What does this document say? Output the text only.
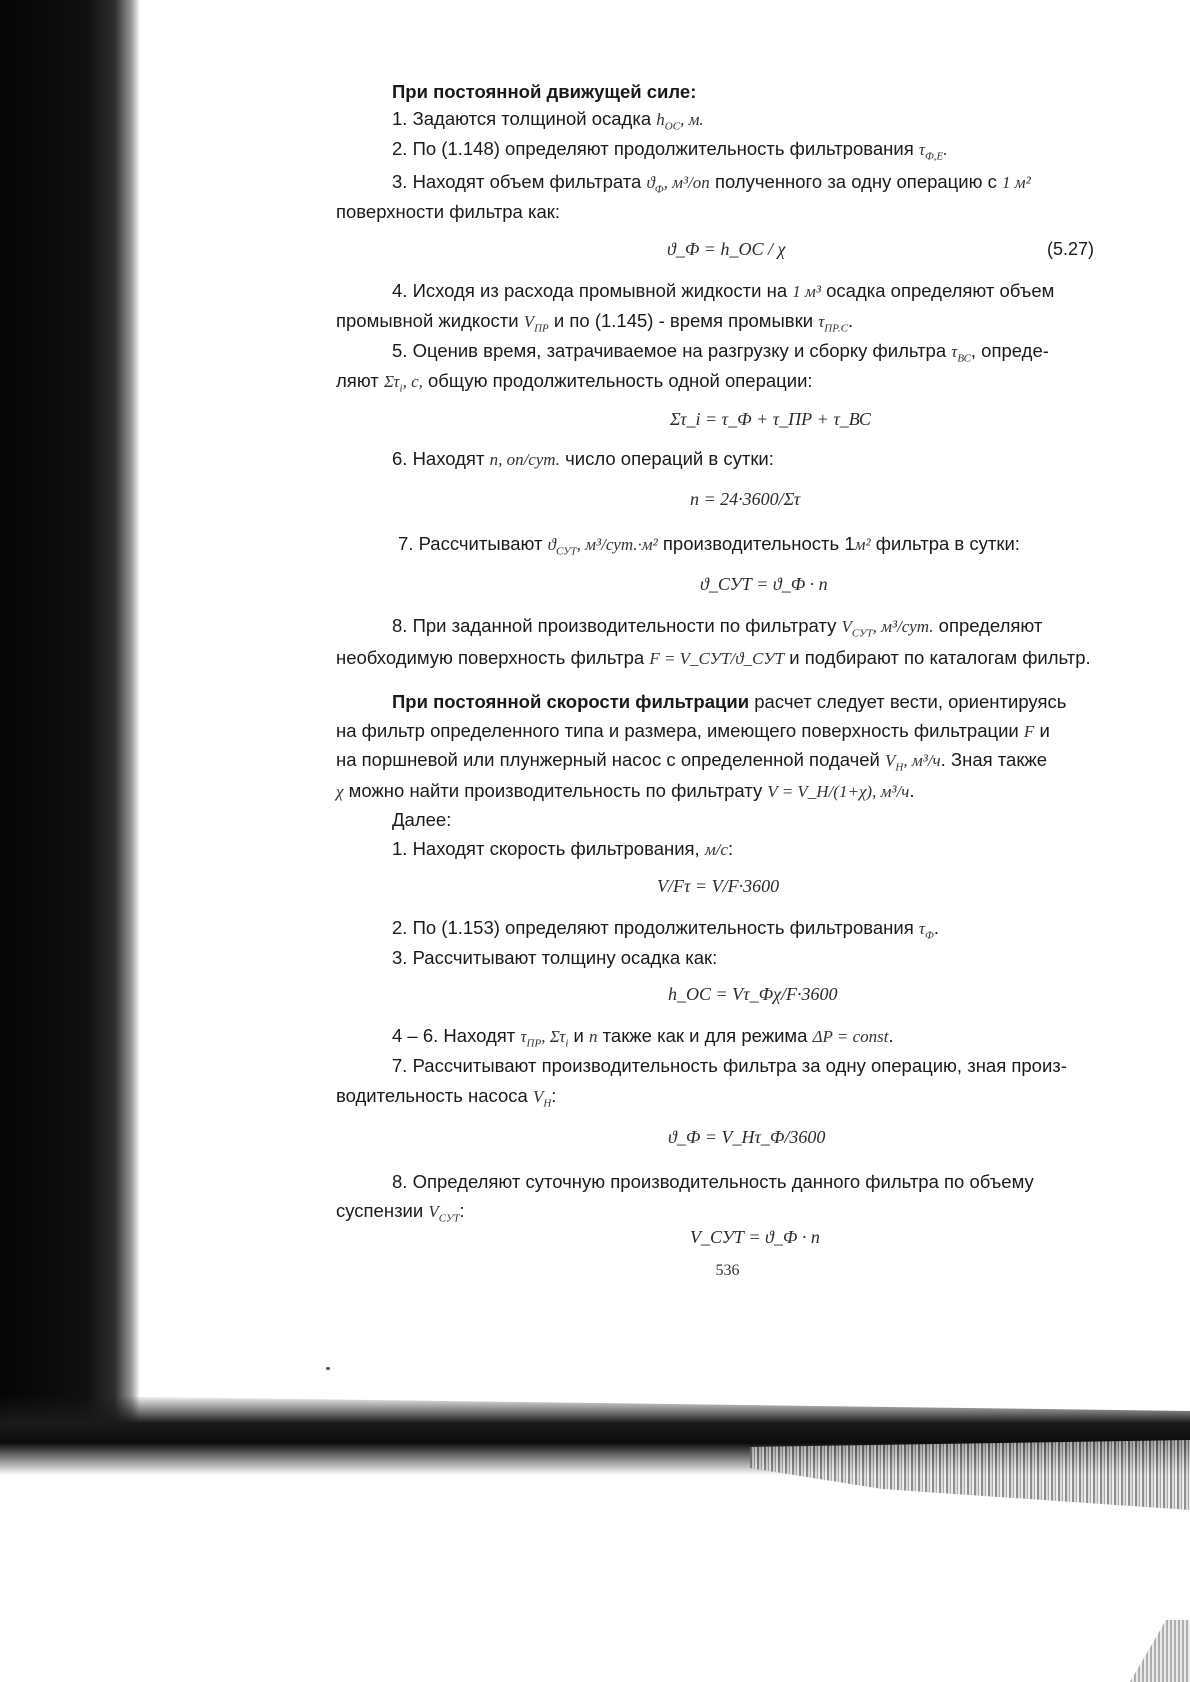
При постоянной движущей силе:
1. Задаются толщиной осадка $h_{ОС}$, м.
2. По (1.148) определяют продолжительность фильтрования $\tau_{Ф,Е}$.
3. Находят объем фильтрата $ϑ_Ф$, м³/оп полученного за одну операцию с 1 м²
поверхности фильтра как:
ϑ_Ф = h_ОС / χ	(5.27)
4. Исходя из расхода промывной жидкости на 1 м³ осадка определяют объем
промывной жидкости $V_{ПР}$ и по (1.145) - время промывки $\tau_{ПР.С}$.
5. Оценив время, затрачиваемое на разгрузку и сборку фильтра $\tau_{ВС}$, опреде-
ляют $\Sigma\tau_i$, с, общую продолжительность одной операции:
Στ_i = τ_Ф + τ_ПР + τ_ВС
6. Находят n, оп/сут. число операций в сутки:
n = 24·3600/Στ
7. Рассчитывают $ϑ_{СУТ}$, м³/сут.·м² производительность 1м² фильтра в сутки:
ϑ_СУТ = ϑ_Ф · n
8. При заданной производительности по фильтрату $V_{СУТ}$, м³/сут. определяют
необходимую поверхность фильтра F = V_СУТ/ϑ_СУТ и подбирают по каталогам фильтр.
При постоянной скорости фильтрации расчет следует вести, ориентируясь
на фильтр определенного типа и размера, имеющего поверхность фильтрации F и
на поршневой или плунжерный насос с определенной подачей $V_Н$, м³/ч. Зная также
χ можно найти производительность по фильтрату V = V_Н/(1+χ), м³/ч.
Далее:
1. Находят скорость фильтрования, м/с:
V/Fτ = V/F·3600
2. По (1.153) определяют продолжительность фильтрования $\tau_Ф$.
3. Рассчитывают толщину осадка как:
h_ОС = Vτ_Фχ/F·3600
4 – 6. Находят $\tau_{ПР}$, $\Sigma\tau_i$ и n также как и для режима ΔP = const.
7. Рассчитывают производительность фильтра за одну операцию, зная произ-
водительность насоса $V_Н$:
ϑ_Ф = V_Нτ_Ф/3600
8. Определяют суточную производительность данного фильтра по объему
суспензии $V_{СУТ}$:
V_СУТ = ϑ_Ф · n
536
